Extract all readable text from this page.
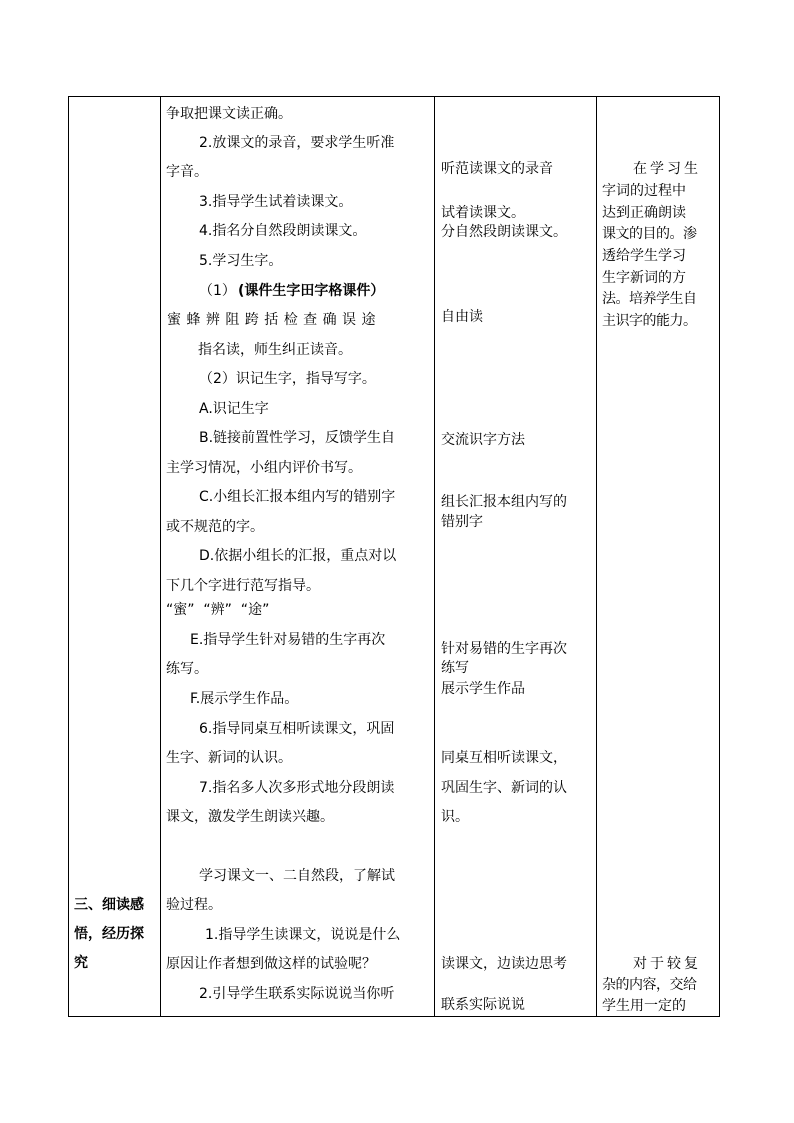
三、细读感
悟，经历探
究
争取把课文读正确。
2.放课文的录音，要求学生听准
字音。
3.指导学生试着读课文。
4.指名分自然段朗读课文。
5.学习生字。
（1） (课件生字田字格课件）
蜜 蜂 辨 阻 跨 括 检 查 确 误 途
指名读，师生纠正读音。
（2）识记生字，指导写字。
A.识记生字
B.链接前置性学习，反馈学生自
主学习情况，小组内评价书写。
C.小组长汇报本组内写的错别字
或不规范的字。
D.依据小组长的汇报，重点对以
下几个字进行范写指导。
“蜜”  “辨”  “途”
E.指导学生针对易错的生字再次
练写。
F.展示学生作品。
6.指导同桌互相听读课文，巩固
生字、新词的认识。
7.指名多人次多形式地分段朗读
课文，激发学生朗读兴趣。
学习课文一、二自然段，了解试
验过程。
1.指导学生读课文，说说是什么
原因让作者想到做这样的试验呢？
2.引导学生联系实际说说当你听
听范读课文的录音
试着读课文。
分自然段朗读课文。
自由读
交流识字方法
组长汇报本组内写的
错别字
针对易错的生字再次
练写
展示学生作品
同桌互相听读课文，
巩固生字、新词的认
识。
读课文，边读边思考
联系实际说说
在学习生
字词的过程中
达到正确朗读
课文的目的。渗
透给学生学习
生字新词的方
法。培养学生自
主识字的能力。
对于较复
杂的内容，交给
学生用一定的
